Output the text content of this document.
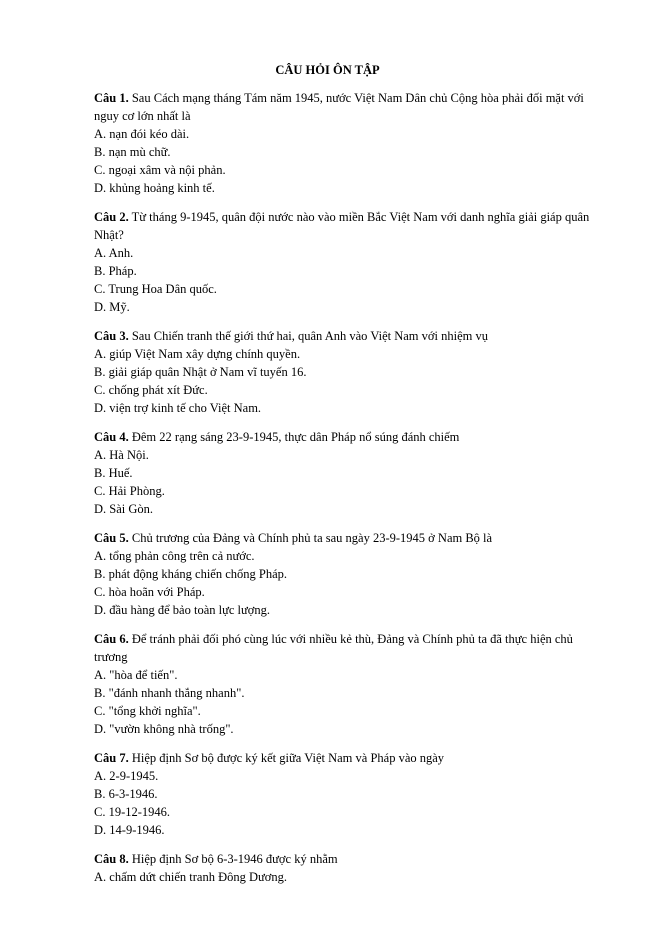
CÂU HỎI ÔN TẬP
Câu 1. Sau Cách mạng tháng Tám năm 1945, nước Việt Nam Dân chủ Cộng hòa phải đối mặt với nguy cơ lớn nhất là
A. nạn đói kéo dài.
B. nạn mù chữ.
C. ngoại xâm và nội phản.
D. khủng hoảng kinh tế.
Câu 2. Từ tháng 9-1945, quân đội nước nào vào miền Bắc Việt Nam với danh nghĩa giải giáp quân Nhật?
A. Anh.
B. Pháp.
C. Trung Hoa Dân quốc.
D. Mỹ.
Câu 3. Sau Chiến tranh thế giới thứ hai, quân Anh vào Việt Nam với nhiệm vụ
A. giúp Việt Nam xây dựng chính quyền.
B. giải giáp quân Nhật ở Nam vĩ tuyến 16.
C. chống phát xít Đức.
D. viện trợ kinh tế cho Việt Nam.
Câu 4. Đêm 22 rạng sáng 23-9-1945, thực dân Pháp nổ súng đánh chiếm
A. Hà Nội.
B. Huế.
C. Hải Phòng.
D. Sài Gòn.
Câu 5. Chủ trương của Đảng và Chính phủ ta sau ngày 23-9-1945 ở Nam Bộ là
A. tổng phản công trên cả nước.
B. phát động kháng chiến chống Pháp.
C. hòa hoãn với Pháp.
D. đầu hàng để bảo toàn lực lượng.
Câu 6. Để tránh phải đối phó cùng lúc với nhiều kẻ thù, Đảng và Chính phủ ta đã thực hiện chủ trương
A. "hòa để tiến".
B. "đánh nhanh thắng nhanh".
C. "tổng khởi nghĩa".
D. "vườn không nhà trống".
Câu 7. Hiệp định Sơ bộ được ký kết giữa Việt Nam và Pháp vào ngày
A. 2-9-1945.
B. 6-3-1946.
C. 19-12-1946.
D. 14-9-1946.
Câu 8. Hiệp định Sơ bộ 6-3-1946 được ký nhằm
A. chấm dứt chiến tranh Đông Dương.
